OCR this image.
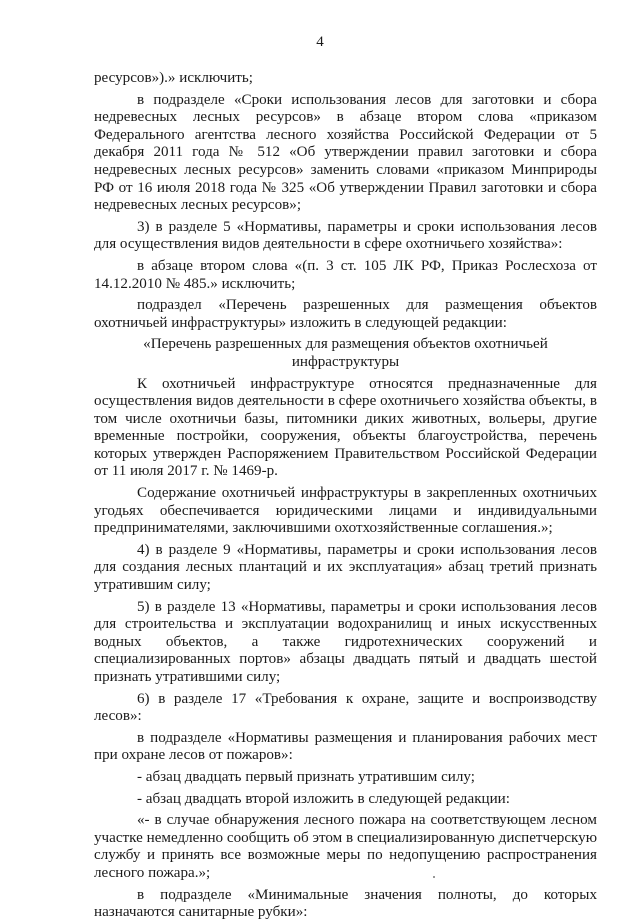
4

ресурсов»).» исключить;

в подразделе «Сроки использования лесов для заготовки и сбора недревесных лесных ресурсов» в абзаце втором слова «приказом Федерального агентства лесного хозяйства Российской Федерации от 5 декабря 2011 года № 512 «Об утверждении правил заготовки и сбора недревесных лесных ресурсов» заменить словами «приказом Минприроды РФ от 16 июля 2018 года № 325 «Об утверждении Правил заготовки и сбора недревесных лесных ресурсов»;

3) в разделе 5 «Нормативы, параметры и сроки использования лесов для осуществления видов деятельности в сфере охотничьего хозяйства»:

в абзаце втором слова «(п. 3 ст. 105 ЛК РФ, Приказ Рослесхоза от 14.12.2010 № 485.» исключить;

подраздел «Перечень разрешенных для размещения объектов охотничьей инфраструктуры» изложить в следующей редакции:

«Перечень разрешенных для размещения объектов охотничьей инфраструктуры

К охотничьей инфраструктуре относятся предназначенные для осуществления видов деятельности в сфере охотничьего хозяйства объекты, в том числе охотничьи базы, питомники диких животных, вольеры, другие временные постройки, сооружения, объекты благоустройства, перечень которых утвержден Распоряжением Правительством Российской Федерации от 11 июля 2017 г. № 1469-р.

Содержание охотничьей инфраструктуры в закрепленных охотничьих угодьях обеспечивается юридическими лицами и индивидуальными предпринимателями, заключившими охотхозяйственные соглашения.»;

4) в разделе 9 «Нормативы, параметры и сроки использования лесов для создания лесных плантаций и их эксплуатация» абзац третий признать утратившим силу;

5) в разделе 13 «Нормативы, параметры и сроки использования лесов для строительства и эксплуатации водохранилищ и иных искусственных водных объектов, а также гидротехнических сооружений и специализированных портов» абзацы двадцать пятый и двадцать шестой признать утратившими силу;

6) в разделе 17 «Требования к охране, защите и воспроизводству лесов»:

в подразделе «Нормативы размещения и планирования рабочих мест при охране лесов от пожаров»:

- абзац двадцать первый признать утратившим силу;

- абзац двадцать второй изложить в следующей редакции:

«- в случае обнаружения лесного пожара на соответствующем лесном участке немедленно сообщить об этом в специализированную диспетчерскую службу и принять все возможные меры по недопущению распространения лесного пожара.»;

в подразделе «Минимальные значения полноты, до которых назначаются санитарные рубки»:
